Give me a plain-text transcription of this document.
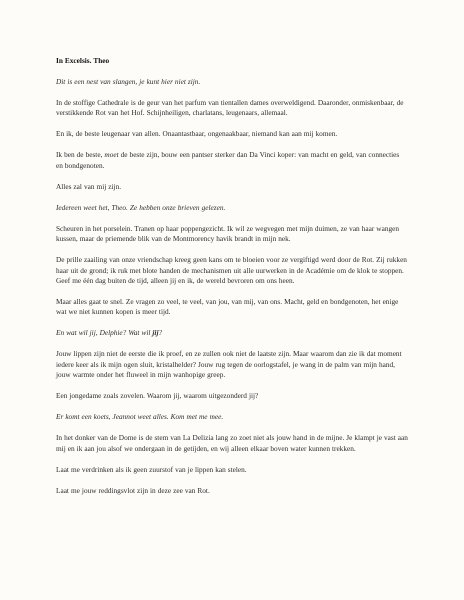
In Excelsis. Theo

Dit is een nest van slangen, je kunt hier niet zijn.

In de stoffige Cathedrale is de geur van het parfum van tientallen dames overweldigend. Daaronder, onmiskenbaar, de verstikkende Rot van het Hof. Schijnheiligen, charlatans, leugenaars, allemaal.

En ik, de beste leugenaar van allen. Onaantastbaar, ongenaakbaar, niemand kan aan mij komen.

Ik ben de beste, moet de beste zijn, bouw een pantser sterker dan Da Vinci koper: van macht en geld, van connecties en bondgenoten.

Alles zal van mij zijn.

Iedereen weet het, Theo. Ze hebben onze brieven gelezen.

Scheuren in het porselein. Tranen op haar poppengezicht. Ik wil ze wegvegen met mijn duimen, ze van haar wangen kussen, maar de priemende blik van de Montmorency havik brandt in mijn nek.

De prille zaailing van onze vriendschap kreeg geen kans om te bloeien voor ze vergiftigd werd door de Rot. Zij rukken haar uit de grond; ik ruk met blote handen de mechanismen uit alle uurwerken in de Académie om de klok te stoppen. Geef me één dag buiten de tijd, alleen jij en ik, de wereld bevroren om ons heen.

Maar alles gaat te snel. Ze vragen zo veel, te veel, van jou, van mij, van ons. Macht, geld en bondgenoten, het enige wat we niet kunnen kopen is meer tijd.

En wat wil jij, Delphie? Wat wil jij?

Jouw lippen zijn niet de eerste die ik proef, en ze zullen ook niet de laatste zijn. Maar waarom dan zie ik dat moment iedere keer als ik mijn ogen sluit, kristalhelder? Jouw rug tegen de oorlogstafel, je wang in de palm van mijn hand, jouw warmte onder het fluweel in mijn wanhopige greep.

Een jongedame zoals zovelen. Waarom jij, waarom uitgezonderd jij?

Er komt een koets, Jeannot weet alles. Kom met me mee.

In het donker van de Dome is de stem van La Delizia lang zo zoet niet als jouw hand in de mijne. Je klampt je vast aan mij en ik aan jou alsof we ondergaan in de getijden, en wij alleen elkaar boven water kunnen trekken.

Laat me verdrinken als ik geen zuurstof van je lippen kan stelen.

Laat me jouw reddingsvlot zijn in deze zee van Rot.
